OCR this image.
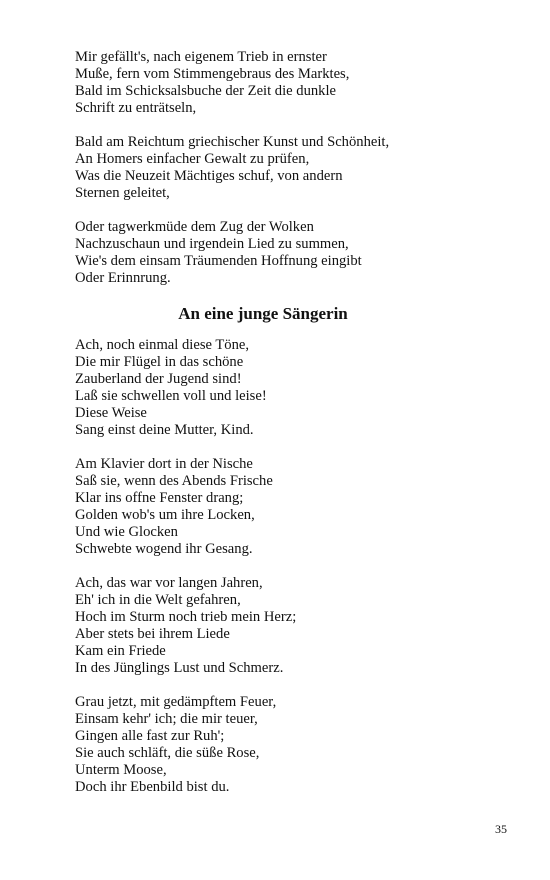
Mir gefällt's, nach eigenem Trieb in ernster
Muße, fern vom Stimmengebraus des Marktes,
Bald im Schicksalsbuche der Zeit die dunkle
Schrift zu enträtseln,
Bald am Reichtum griechischer Kunst und Schönheit,
An Homers einfacher Gewalt zu prüfen,
Was die Neuzeit Mächtiges schuf, von andern
Sternen geleitet,
Oder tagwerkmüde dem Zug der Wolken
Nachzuschaun und irgendein Lied zu summen,
Wie's dem einsam Träumenden Hoffnung eingibt
Oder Erinnrung.
An eine junge Sängerin
Ach, noch einmal diese Töne,
Die mir Flügel in das schöne
Zauberland der Jugend sind!
Laß sie schwellen voll und leise!
Diese Weise
Sang einst deine Mutter, Kind.
Am Klavier dort in der Nische
Saß sie, wenn des Abends Frische
Klar ins offne Fenster drang;
Golden wob's um ihre Locken,
Und wie Glocken
Schwebte wogend ihr Gesang.
Ach, das war vor langen Jahren,
Eh' ich in die Welt gefahren,
Hoch im Sturm noch trieb mein Herz;
Aber stets bei ihrem Liede
Kam ein Friede
In des Jünglings Lust und Schmerz.
Grau jetzt, mit gedämpftem Feuer,
Einsam kehr' ich; die mir teuer,
Gingen alle fast zur Ruh';
Sie auch schläft, die süße Rose,
Unterm Moose,
Doch ihr Ebenbild bist du.
35
